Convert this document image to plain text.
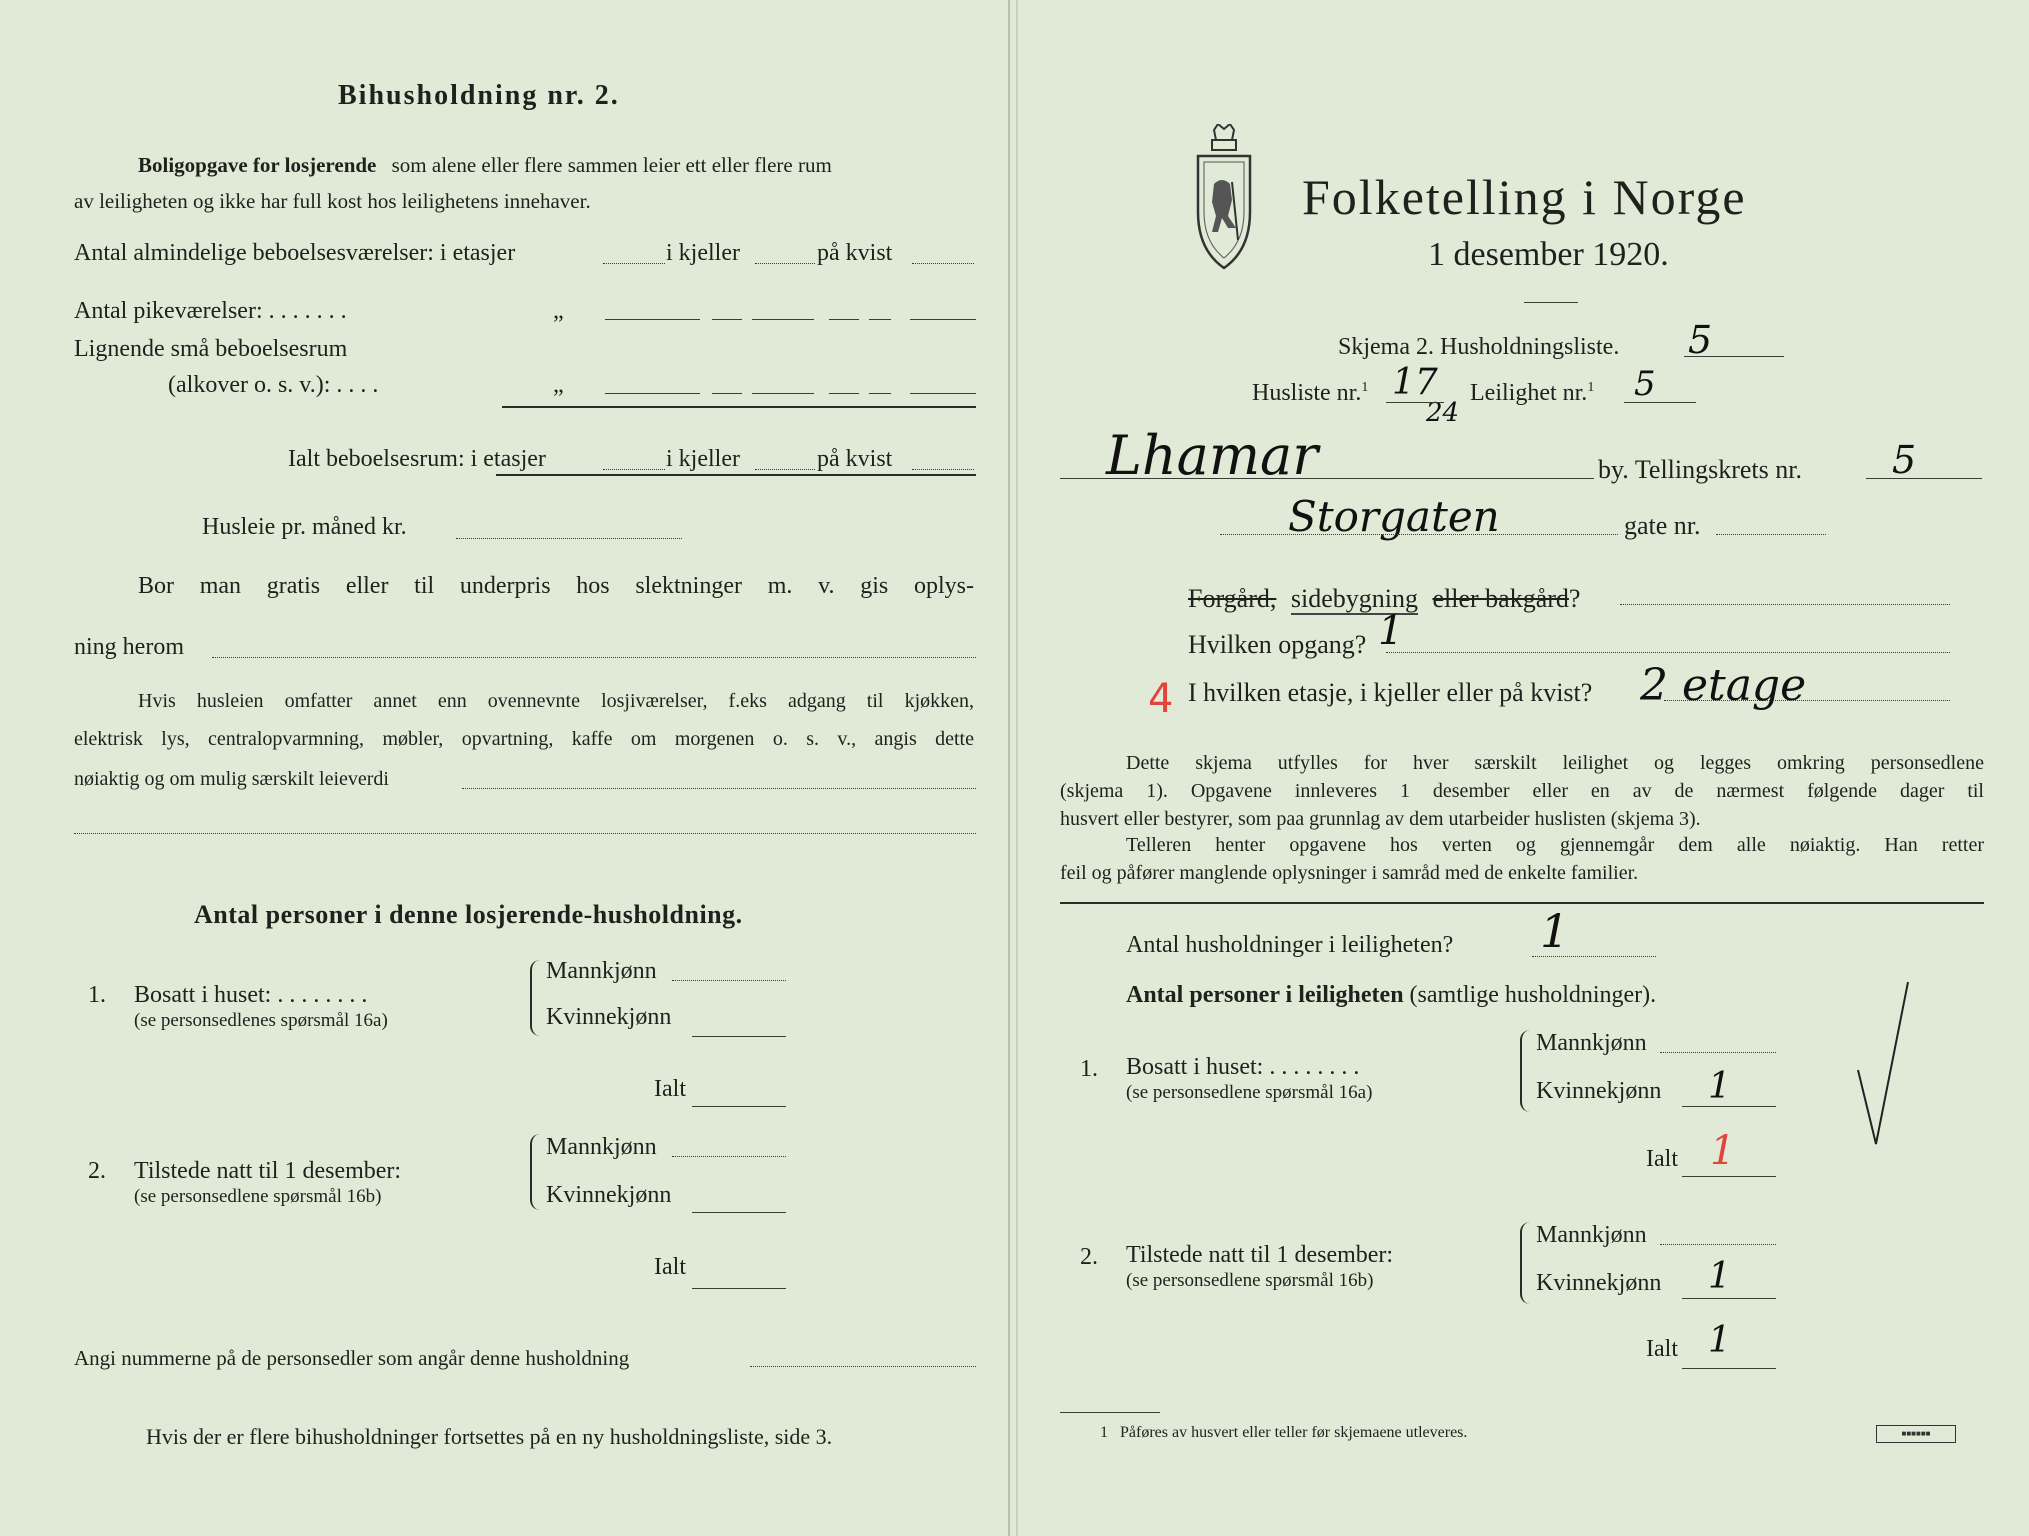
Bihusholdning nr. 2.
Boligopgave for losjerende som alene eller flere sammen leier ett eller flere rum
av leiligheten og ikke har full kost hos leilighetens innehaver.
Antal almindelige beboelsesværelser: i etasjer	i kjeller	på kvist
Antal pikeværelser: . . . . . . .	„
Lignende små beboelsesrum
(alkover o. s. v.): . . . .	„
Ialt beboelsesrum: i etasjer	i kjeller	på kvist
Husleie pr. måned kr.
Bor man gratis eller til underpris hos slektninger m. v. gis oplys-
ning herom
Hvis husleien omfatter annet enn ovennevnte losjiværelser, f.eks adgang til kjøkken,
elektrisk lys, centralopvarmning, møbler, opvartning, kaffe om morgenen o. s. v., angis dette
nøiaktig og om mulig særskilt leieverdi
Antal personer i denne losjerende-husholdning.
1. Bosatt i huset: . . . . . . . .
(se personsedlenes spørsmål 16a)
Mannkjønn
Kvinnekjønn
Ialt
2. Tilstede natt til 1 desember:
(se personsedlene spørsmål 16b)
Mannkjønn
Kvinnekjønn
Ialt
Angi nummerne på de personsedler som angår denne husholdning
Hvis der er flere bihusholdninger fortsettes på en ny husholdningsliste, side 3.
Folketelling i Norge
1 desember 1920.
Skjema 2. Husholdningsliste. 5
Husliste nr.$^1$ 17
24
Leilighet nr.$^1$ 5
Lhamar	by. Tellingskrets nr. 5
Storgaten	gate nr.
Forgård, sidebygning eller bakgård?
Hvilken opgang? 1
4 I hvilken etasje, i kjeller eller på kvist? 2 etage
Dette skjema utfylles for hver særskilt leilighet og legges omkring personsedlene
(skjema 1). Opgavene innleveres 1 desember eller en av de nærmest følgende dager til
husvert eller bestyrer, som paa grunnlag av dem utarbeider huslisten (skjema 3).
Telleren henter opgavene hos verten og gjennemgår dem alle nøiaktig. Han retter
feil og påfører manglende oplysninger i samråd med de enkelte familier.
Antal husholdninger i leiligheten? 1
Antal personer i leiligheten (samtlige husholdninger).
1. Bosatt i huset: . . . . . . . .
(se personsedlene spørsmål 16a)
Mannkjønn
Kvinnekjønn 1
Ialt 1
2. Tilstede natt til 1 desember:
(se personsedlene spørsmål 16b)
Mannkjønn
Kvinnekjønn 1
Ialt 1
1 Påføres av husvert eller teller før skjemaene utleveres.	■■■■■■
